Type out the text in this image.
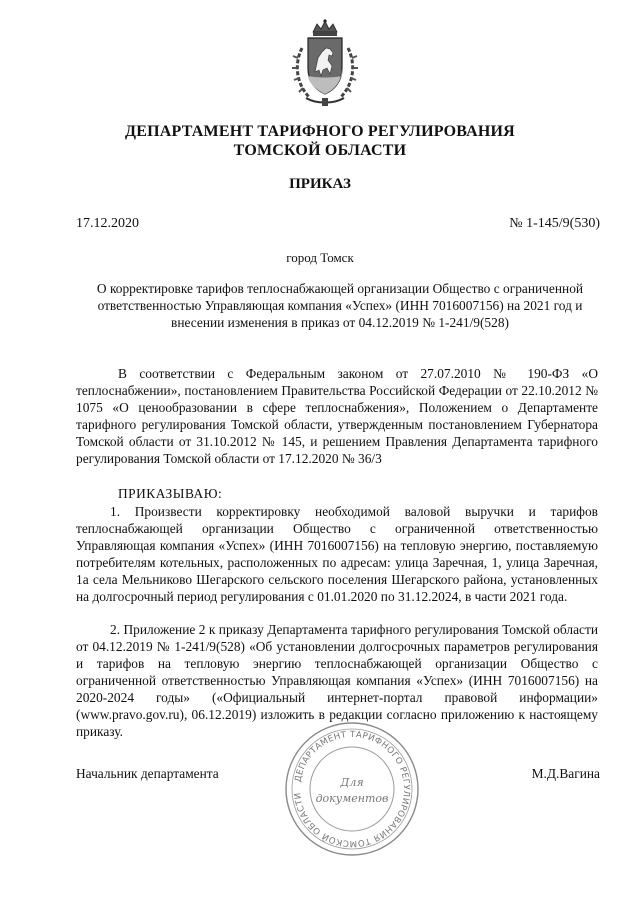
ДЕПАРТАМЕНТ ТАРИФНОГО РЕГУЛИРОВАНИЯ
ТОМСКОЙ ОБЛАСТИ
ПРИКАЗ
17.12.2020	№ 1-145/9(530)
город Томск
О корректировке тарифов теплоснабжающей организации Общество с ограниченной ответственностью Управляющая компания «Успех» (ИНН 7016007156) на 2021 год и внесении изменения в приказ от 04.12.2019 № 1-241/9(528)
В соответствии с Федеральным законом от 27.07.2010 № 190-ФЗ «О теплоснабжении», постановлением Правительства Российской Федерации от 22.10.2012 № 1075 «О ценообразовании в сфере теплоснабжения», Положением о Департаменте тарифного регулирования Томской области, утвержденным постановлением Губернатора Томской области от 31.10.2012 № 145, и решением Правления Департамента тарифного регулирования Томской области от 17.12.2020 № 36/3
ПРИКАЗЫВАЮ:
1. Произвести корректировку необходимой валовой выручки и тарифов теплоснабжающей организации Общество с ограниченной ответственностью Управляющая компания «Успех» (ИНН 7016007156) на тепловую энергию, поставляемую потребителям котельных, расположенных по адресам: улица Заречная, 1, улица Заречная, 1а села Мельниково Шегарского сельского поселения Шегарского района, установленных на долгосрочный период регулирования с 01.01.2020 по 31.12.2024, в части 2021 года.
2. Приложение 2 к приказу Департамента тарифного регулирования Томской области от 04.12.2019 № 1-241/9(528) «Об установлении долгосрочных параметров регулирования и тарифов на тепловую энергию теплоснабжающей организации Общество с ограниченной ответственностью Управляющая компания «Успех» (ИНН 7016007156) на 2020-2024 годы» («Официальный интернет-портал правовой информации» (www.pravo.gov.ru), 06.12.2019) изложить в редакции согласно приложению к настоящему приказу.
Начальник департамента	М.Д.Вагина
ДЕПАРТАМЕНТ ТАРИФНОГО РЕГУЛИРОВАНИЯ ТОМСКОЙ ОБЛАСТИ
Для
документов
